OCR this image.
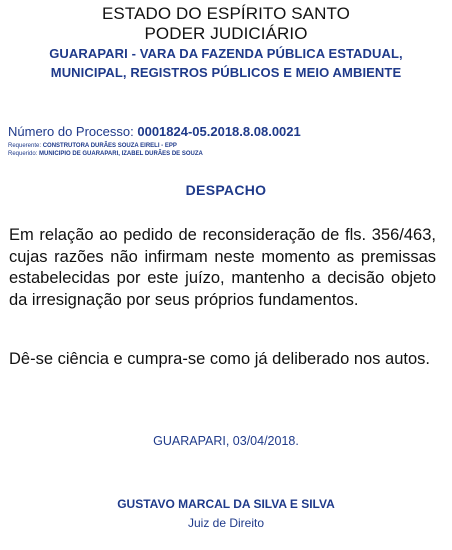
ESTADO DO ESPÍRITO SANTO
PODER JUDICIÁRIO
GUARAPARI - VARA DA FAZENDA PÚBLICA ESTADUAL,
MUNICIPAL, REGISTROS PÚBLICOS E MEIO AMBIENTE
Número do Processo: 0001824-05.2018.8.08.0021
Requerente: CONSTRUTORA DURÃES SOUZA EIRELI - EPP
Requerido: MUNICIPIO DE GUARAPARI, IZABEL DURÃES DE SOUZA
DESPACHO
Em relação ao pedido de reconsideração de fls. 356/463, cujas razões não infirmam neste momento as premissas estabelecidas por este juízo, mantenho a decisão objeto da irresignação por seus próprios fundamentos.
Dê-se ciência e cumpra-se como já deliberado nos autos.
GUARAPARI, 03/04/2018.
GUSTAVO MARCAL DA SILVA E SILVA
Juiz de Direito
